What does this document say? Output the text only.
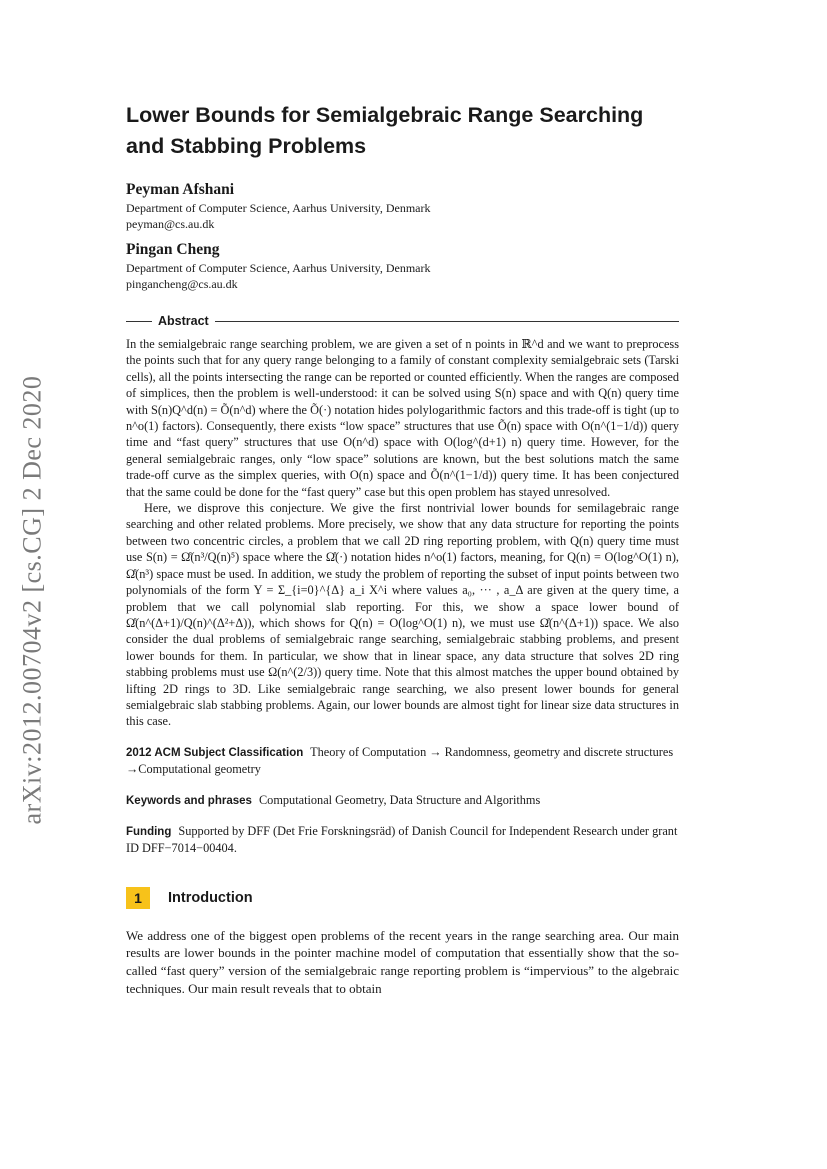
arXiv:2012.00704v2 [cs.CG] 2 Dec 2020
Lower Bounds for Semialgebraic Range Searching and Stabbing Problems

Peyman Afshani

Department of Computer Science, Aarhus University, Denmark

peyman@cs.au.dk

Pingan Cheng

Department of Computer Science, Aarhus University, Denmark

pingancheng@cs.au.dk

Abstract

In the semialgebraic range searching problem, we are given a set of n points in ℝ^d and we want to preprocess the points such that for any query range belonging to a family of constant complexity semialgebraic sets (Tarski cells), all the points intersecting the range can be reported or counted efficiently. When the ranges are composed of simplices, then the problem is well-understood: it can be solved using S(n) space and with Q(n) query time with S(n)Q^d(n) = Õ(n^d) where the Õ(·) notation hides polylogarithmic factors and this trade-off is tight (up to n^o(1) factors). Consequently, there exists “low space” structures that use Õ(n) space with O(n^(1−1/d)) query time and “fast query” structures that use O(n^d) space with O(log^(d+1) n) query time. However, for the general semialgebraic ranges, only “low space” solutions are known, but the best solutions match the same trade-off curve as the simplex queries, with O(n) space and Õ(n^(1−1/d)) query time. It has been conjectured that the same could be done for the “fast query” case but this open problem has stayed unresolved.

Here, we disprove this conjecture. We give the first nontrivial lower bounds for semilagebraic range searching and other related problems. More precisely, we show that any data structure for reporting the points between two concentric circles, a problem that we call 2D ring reporting problem, with Q(n) query time must use S(n) = Ω̊(n³/Q(n)⁵) space where the Ω̊(·) notation hides n^o(1) factors, meaning, for Q(n) = O(log^O(1) n), Ω̊(n³) space must be used. In addition, we study the problem of reporting the subset of input points between two polynomials of the form Y = Σ_{i=0}^{Δ} a_i X^i where values a₀, ··· , a_Δ are given at the query time, a problem that we call polynomial slab reporting. For this, we show a space lower bound of Ω̊(n^(Δ+1)/Q(n)^(Δ²+Δ)), which shows for Q(n) = O(log^O(1) n), we must use Ω̊(n^(Δ+1)) space. We also consider the dual problems of semialgebraic range searching, semialgebraic stabbing problems, and present lower bounds for them. In particular, we show that in linear space, any data structure that solves 2D ring stabbing problems must use Ω(n^(2/3)) query time. Note that this almost matches the upper bound obtained by lifting 2D rings to 3D. Like semialgebraic range searching, we also present lower bounds for general semialgebraic slab stabbing problems. Again, our lower bounds are almost tight for linear size data structures in this case.

2012 ACM Subject Classification Theory of Computation → Randomness, geometry and discrete structures →Computational geometry
Keywords and phrases Computational Geometry, Data Structure and Algorithms
Funding Supported by DFF (Det Frie Forskningsräd) of Danish Council for Independent Research under grant ID DFF−7014−00404.
1	Introduction

We address one of the biggest open problems of the recent years in the range searching area. Our main results are lower bounds in the pointer machine model of computation that essentially show that the so-called “fast query” version of the semialgebraic range reporting problem is “impervious” to the algebraic techniques. Our main result reveals that to obtain
